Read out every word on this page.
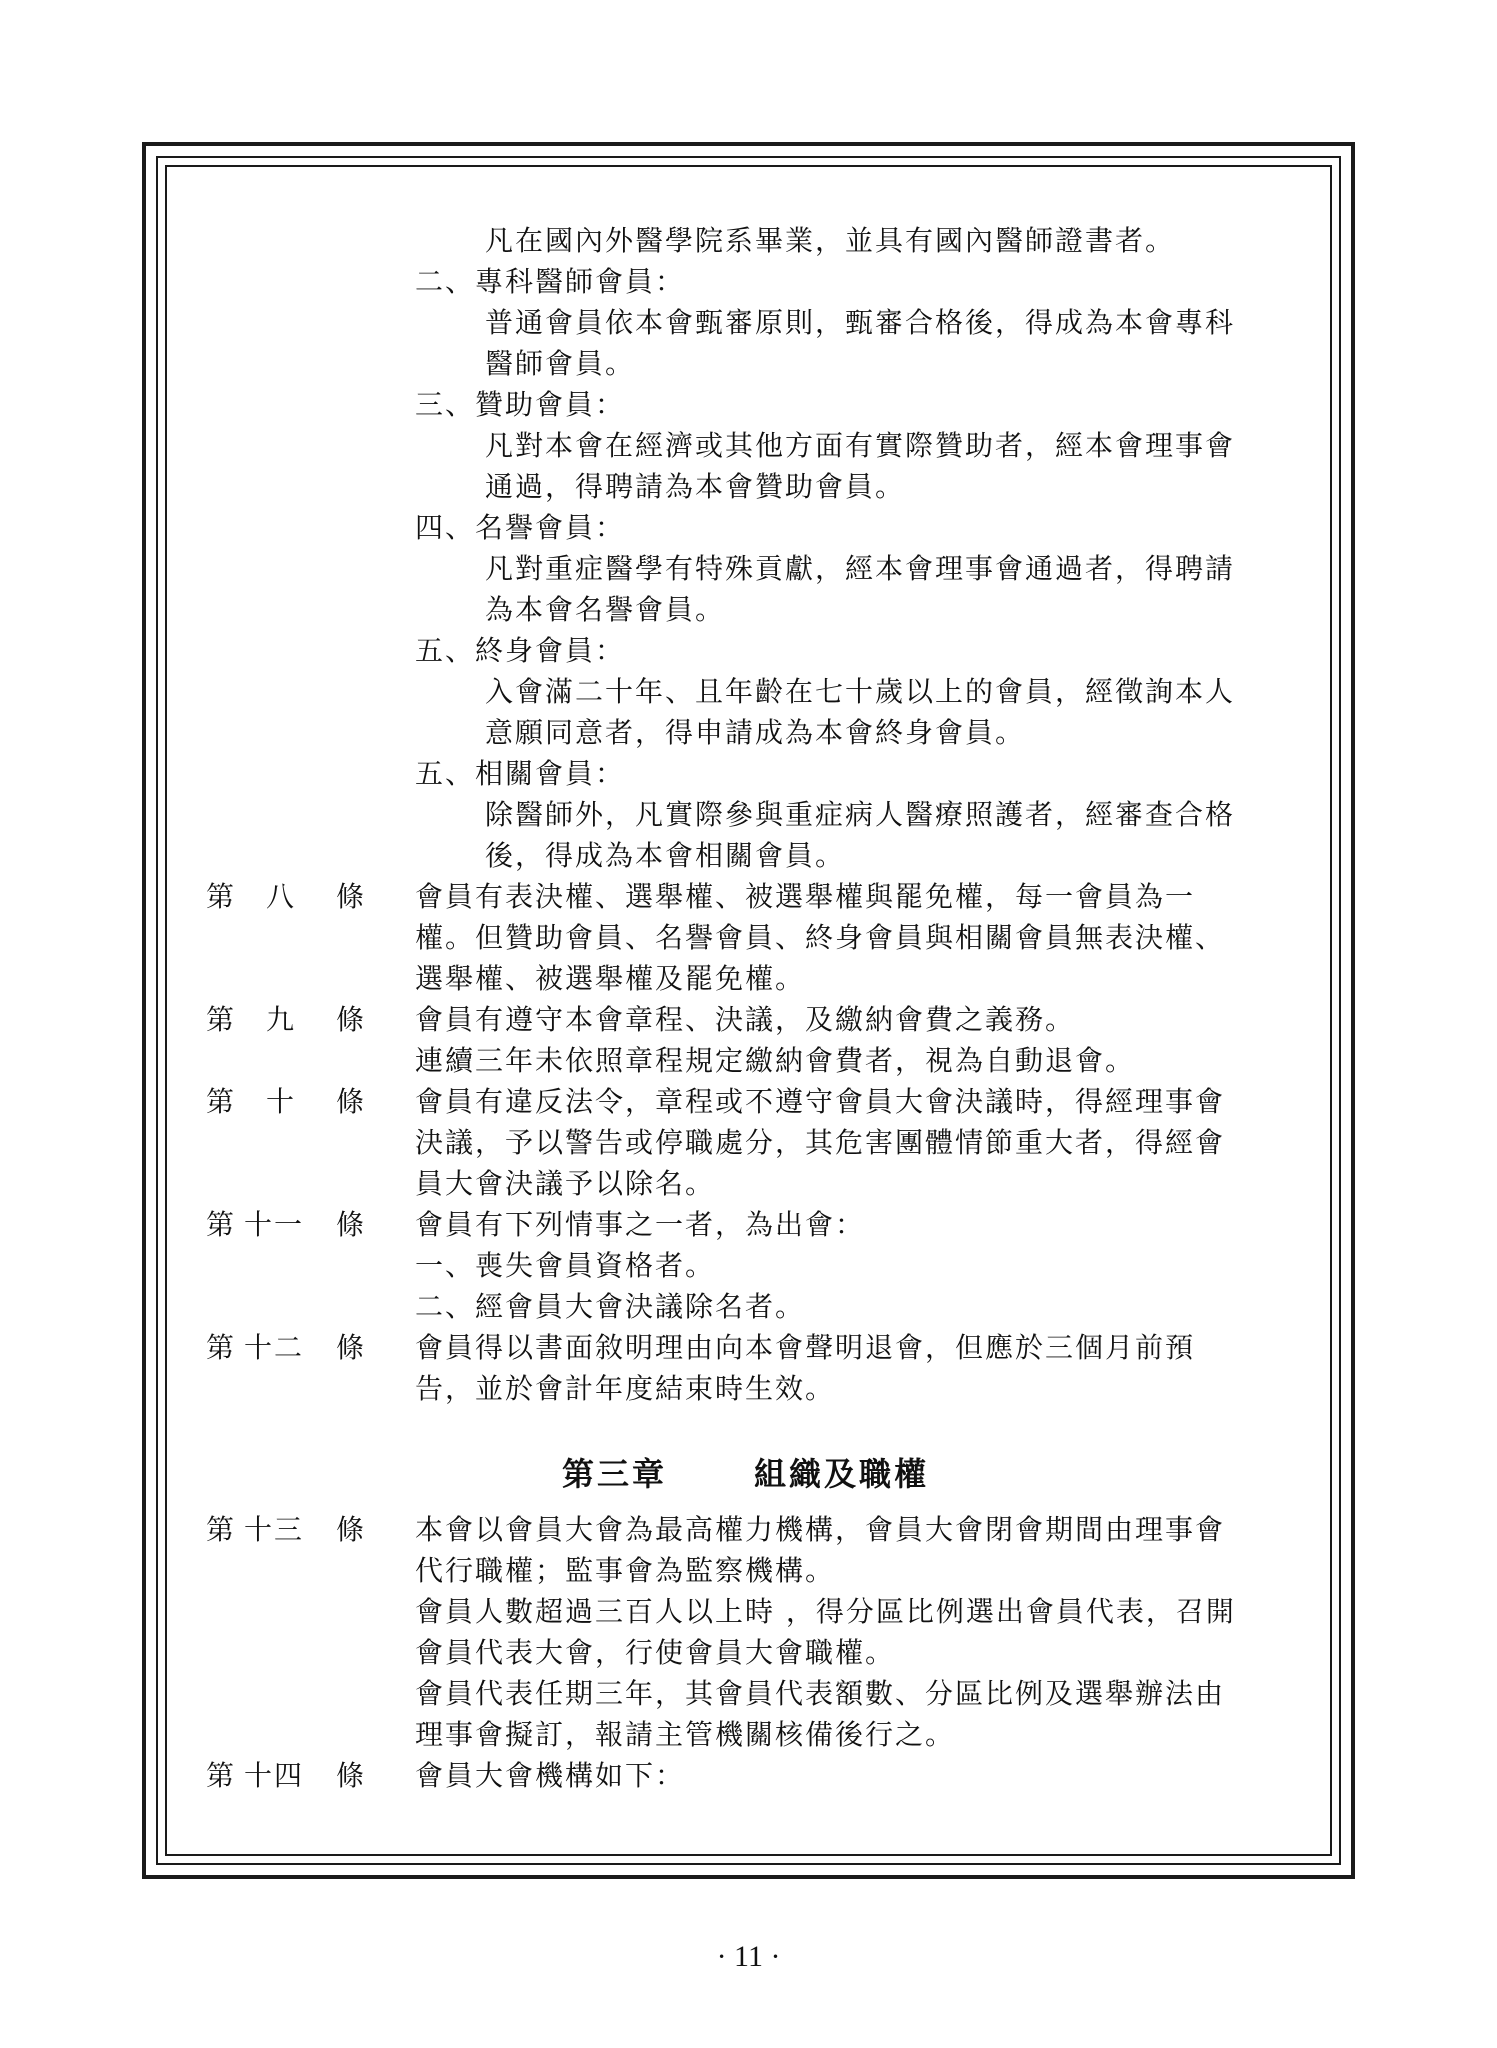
凡在國內外醫學院系畢業，並具有國內醫師證書者。
二、專科醫師會員：
普通會員依本會甄審原則，甄審合格後，得成為本會專科
醫師會員。
三、贊助會員：
凡對本會在經濟或其他方面有實際贊助者，經本會理事會
通過，得聘請為本會贊助會員。
四、名譽會員：
凡對重症醫學有特殊貢獻，經本會理事會通過者，得聘請
為本會名譽會員。
五、終身會員：
入會滿二十年、且年齡在七十歲以上的會員，經徵詢本人
意願同意者，得申請成為本會終身會員。
五、相關會員：
除醫師外，凡實際參與重症病人醫療照護者，經審查合格
後，得成為本會相關會員。
第 八 條 會員有表決權、選舉權、被選舉權與罷免權，每一會員為一
權。但贊助會員、名譽會員、終身會員與相關會員無表決權、
選舉權、被選舉權及罷免權。
第 九 條 會員有遵守本會章程、決議，及繳納會費之義務。
連續三年未依照章程規定繳納會費者，視為自動退會。
第 十 條 會員有違反法令，章程或不遵守會員大會決議時，得經理事會
決議，予以警告或停職處分，其危害團體情節重大者，得經會
員大會決議予以除名。
第 十一 條 會員有下列情事之一者，為出會：
一、喪失會員資格者。
二、經會員大會決議除名者。
第 十二 條 會員得以書面敘明理由向本會聲明退會，但應於三個月前預
告，並於會計年度結束時生效。
第三章	組織及職權
第 十三 條 本會以會員大會為最高權力機構，會員大會閉會期間由理事會
代行職權；監事會為監察機構。
會員人數超過三百人以上時 ，得分區比例選出會員代表，召開
會員代表大會，行使會員大會職權。
會員代表任期三年，其會員代表額數、分區比例及選舉辦法由
理事會擬訂，報請主管機關核備後行之。
第 十四 條 會員大會機構如下：
· 11 ·
